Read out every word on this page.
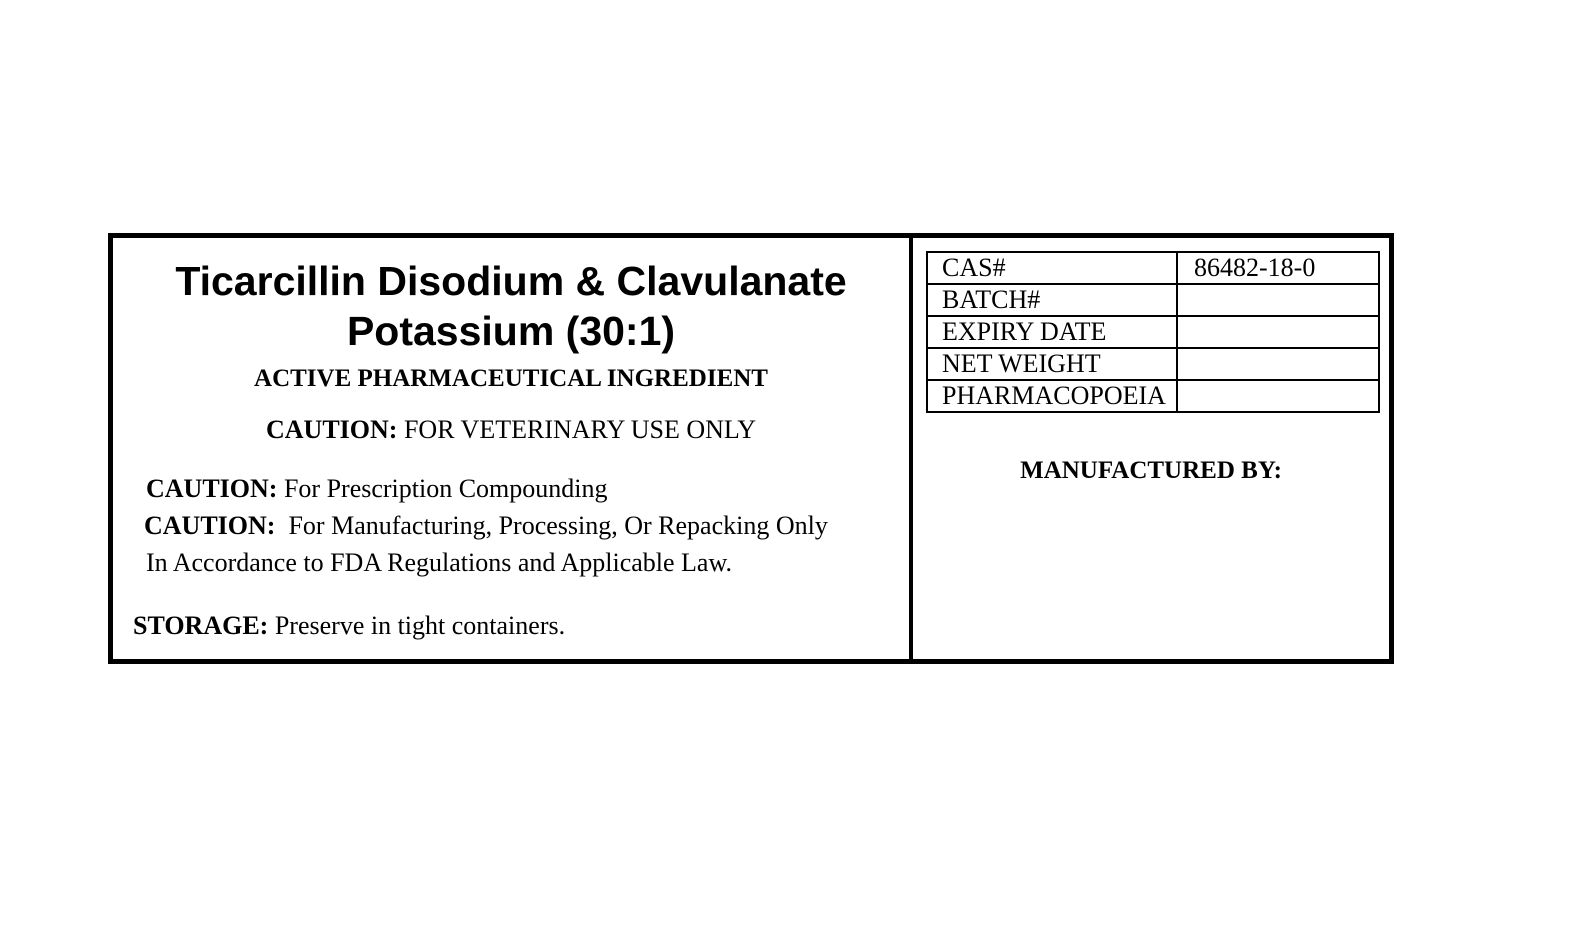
Ticarcillin Disodium & Clavulanate
Potassium (30:1)
ACTIVE PHARMACEUTICAL INGREDIENT
CAUTION: FOR VETERINARY USE ONLY
CAUTION: For Prescription Compounding
CAUTION:  For Manufacturing, Processing, Or Repacking Only
In Accordance to FDA Regulations and Applicable Law.
STORAGE: Preserve in tight containers.
CAS#	86482-18-0
BATCH#	
EXPIRY DATE	
NET WEIGHT	
PHARMACOPOEIA	
MANUFACTURED BY:
